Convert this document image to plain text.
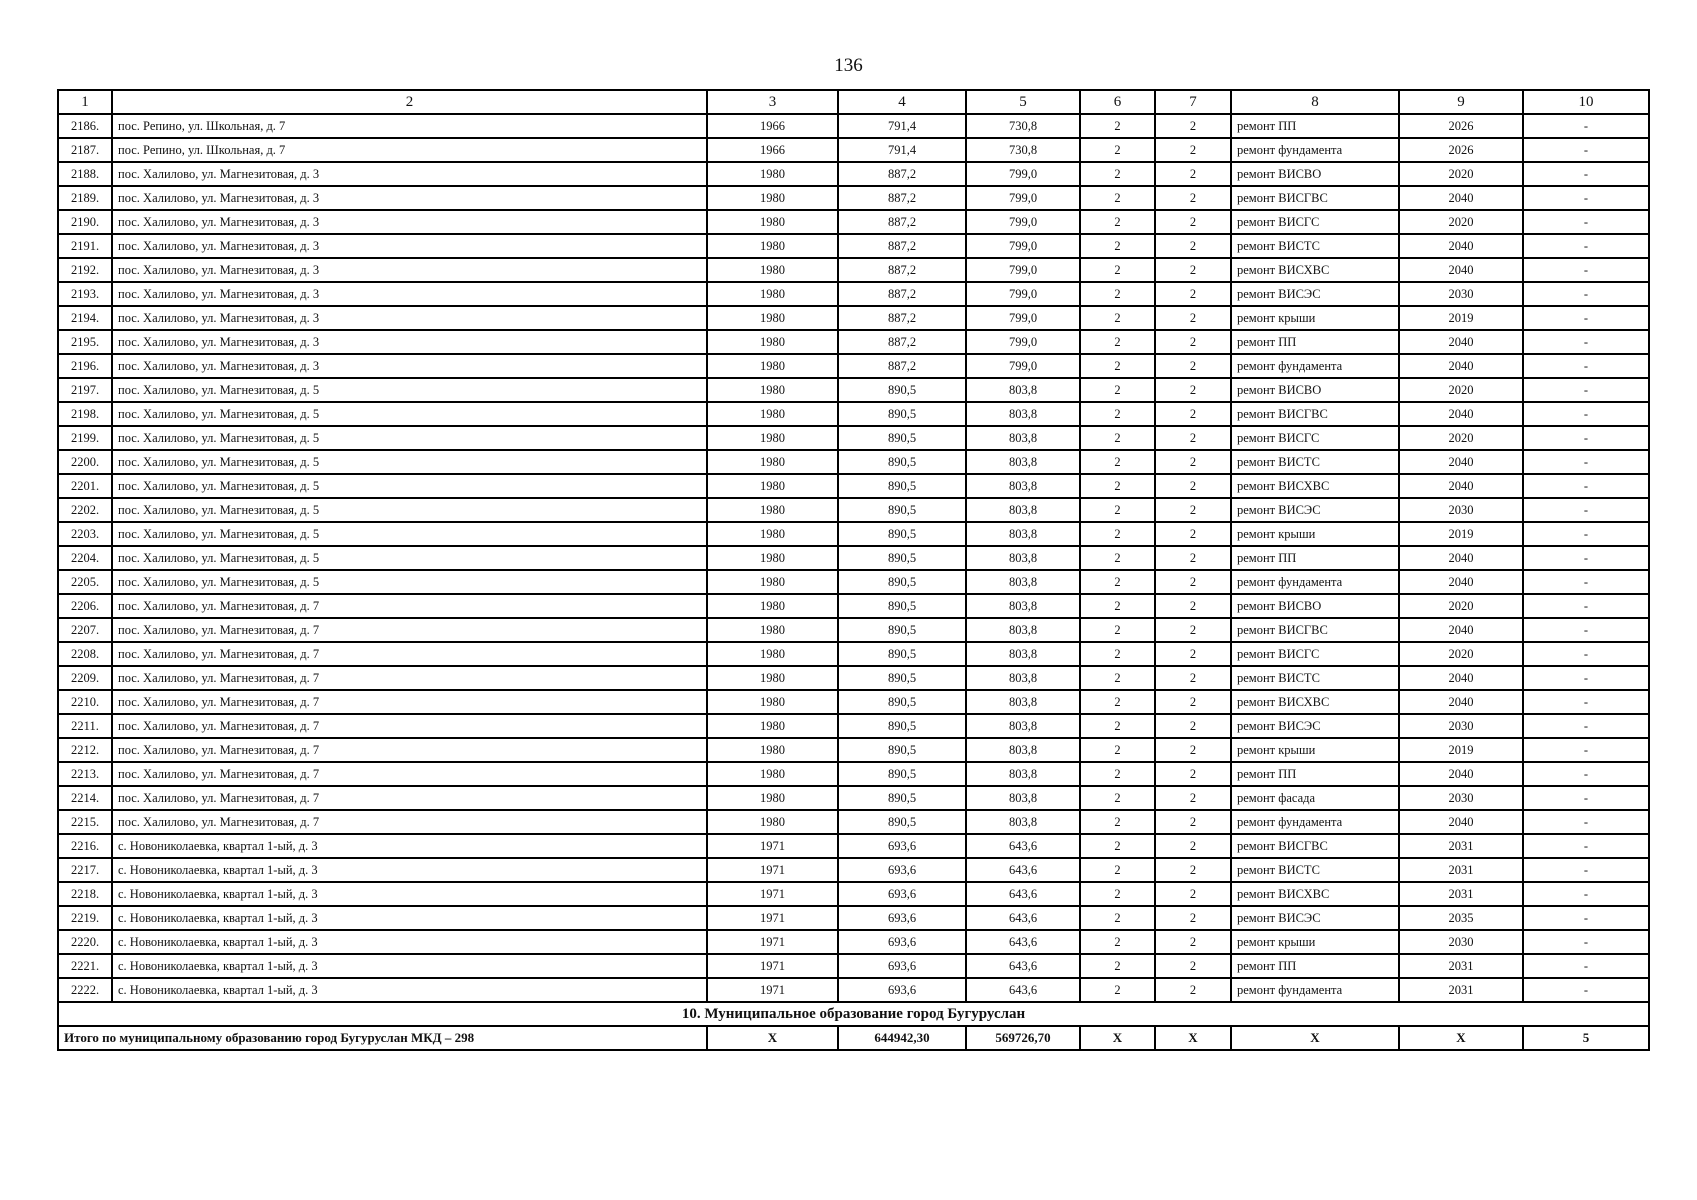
136
1	2	3	4	5	6	7	8	9	10
2186.	пос. Репино, ул. Школьная, д. 7	1966	791,4	730,8	2	2	ремонт ПП	2026	-
2187.	пос. Репино, ул. Школьная, д. 7	1966	791,4	730,8	2	2	ремонт фундамента	2026	-
2188.	пос. Халилово, ул. Магнезитовая, д. 3	1980	887,2	799,0	2	2	ремонт ВИСВО	2020	-
2189.	пос. Халилово, ул. Магнезитовая, д. 3	1980	887,2	799,0	2	2	ремонт ВИСГВС	2040	-
2190.	пос. Халилово, ул. Магнезитовая, д. 3	1980	887,2	799,0	2	2	ремонт ВИСГС	2020	-
2191.	пос. Халилово, ул. Магнезитовая, д. 3	1980	887,2	799,0	2	2	ремонт ВИСТС	2040	-
2192.	пос. Халилово, ул. Магнезитовая, д. 3	1980	887,2	799,0	2	2	ремонт ВИСХВС	2040	-
2193.	пос. Халилово, ул. Магнезитовая, д. 3	1980	887,2	799,0	2	2	ремонт ВИСЭС	2030	-
2194.	пос. Халилово, ул. Магнезитовая, д. 3	1980	887,2	799,0	2	2	ремонт крыши	2019	-
2195.	пос. Халилово, ул. Магнезитовая, д. 3	1980	887,2	799,0	2	2	ремонт ПП	2040	-
2196.	пос. Халилово, ул. Магнезитовая, д. 3	1980	887,2	799,0	2	2	ремонт фундамента	2040	-
2197.	пос. Халилово, ул. Магнезитовая, д. 5	1980	890,5	803,8	2	2	ремонт ВИСВО	2020	-
2198.	пос. Халилово, ул. Магнезитовая, д. 5	1980	890,5	803,8	2	2	ремонт ВИСГВС	2040	-
2199.	пос. Халилово, ул. Магнезитовая, д. 5	1980	890,5	803,8	2	2	ремонт ВИСГС	2020	-
2200.	пос. Халилово, ул. Магнезитовая, д. 5	1980	890,5	803,8	2	2	ремонт ВИСТС	2040	-
2201.	пос. Халилово, ул. Магнезитовая, д. 5	1980	890,5	803,8	2	2	ремонт ВИСХВС	2040	-
2202.	пос. Халилово, ул. Магнезитовая, д. 5	1980	890,5	803,8	2	2	ремонт ВИСЭС	2030	-
2203.	пос. Халилово, ул. Магнезитовая, д. 5	1980	890,5	803,8	2	2	ремонт крыши	2019	-
2204.	пос. Халилово, ул. Магнезитовая, д. 5	1980	890,5	803,8	2	2	ремонт ПП	2040	-
2205.	пос. Халилово, ул. Магнезитовая, д. 5	1980	890,5	803,8	2	2	ремонт фундамента	2040	-
2206.	пос. Халилово, ул. Магнезитовая, д. 7	1980	890,5	803,8	2	2	ремонт ВИСВО	2020	-
2207.	пос. Халилово, ул. Магнезитовая, д. 7	1980	890,5	803,8	2	2	ремонт ВИСГВС	2040	-
2208.	пос. Халилово, ул. Магнезитовая, д. 7	1980	890,5	803,8	2	2	ремонт ВИСГС	2020	-
2209.	пос. Халилово, ул. Магнезитовая, д. 7	1980	890,5	803,8	2	2	ремонт ВИСТС	2040	-
2210.	пос. Халилово, ул. Магнезитовая, д. 7	1980	890,5	803,8	2	2	ремонт ВИСХВС	2040	-
2211.	пос. Халилово, ул. Магнезитовая, д. 7	1980	890,5	803,8	2	2	ремонт ВИСЭС	2030	-
2212.	пос. Халилово, ул. Магнезитовая, д. 7	1980	890,5	803,8	2	2	ремонт крыши	2019	-
2213.	пос. Халилово, ул. Магнезитовая, д. 7	1980	890,5	803,8	2	2	ремонт ПП	2040	-
2214.	пос. Халилово, ул. Магнезитовая, д. 7	1980	890,5	803,8	2	2	ремонт фасада	2030	-
2215.	пос. Халилово, ул. Магнезитовая, д. 7	1980	890,5	803,8	2	2	ремонт фундамента	2040	-
2216.	с. Новониколаевка, квартал 1-ый, д. 3	1971	693,6	643,6	2	2	ремонт ВИСГВС	2031	-
2217.	с. Новониколаевка, квартал 1-ый, д. 3	1971	693,6	643,6	2	2	ремонт ВИСТС	2031	-
2218.	с. Новониколаевка, квартал 1-ый, д. 3	1971	693,6	643,6	2	2	ремонт ВИСХВС	2031	-
2219.	с. Новониколаевка, квартал 1-ый, д. 3	1971	693,6	643,6	2	2	ремонт ВИСЭС	2035	-
2220.	с. Новониколаевка, квартал 1-ый, д. 3	1971	693,6	643,6	2	2	ремонт крыши	2030	-
2221.	с. Новониколаевка, квартал 1-ый, д. 3	1971	693,6	643,6	2	2	ремонт ПП	2031	-
2222.	с. Новониколаевка, квартал 1-ый, д. 3	1971	693,6	643,6	2	2	ремонт фундамента	2031	-
10. Муниципальное образование город Бугуруслан									
Итого по муниципальному образованию город Бугуруслан МКД – 298		X	644942,30	569726,70	X	X	X	X	5
